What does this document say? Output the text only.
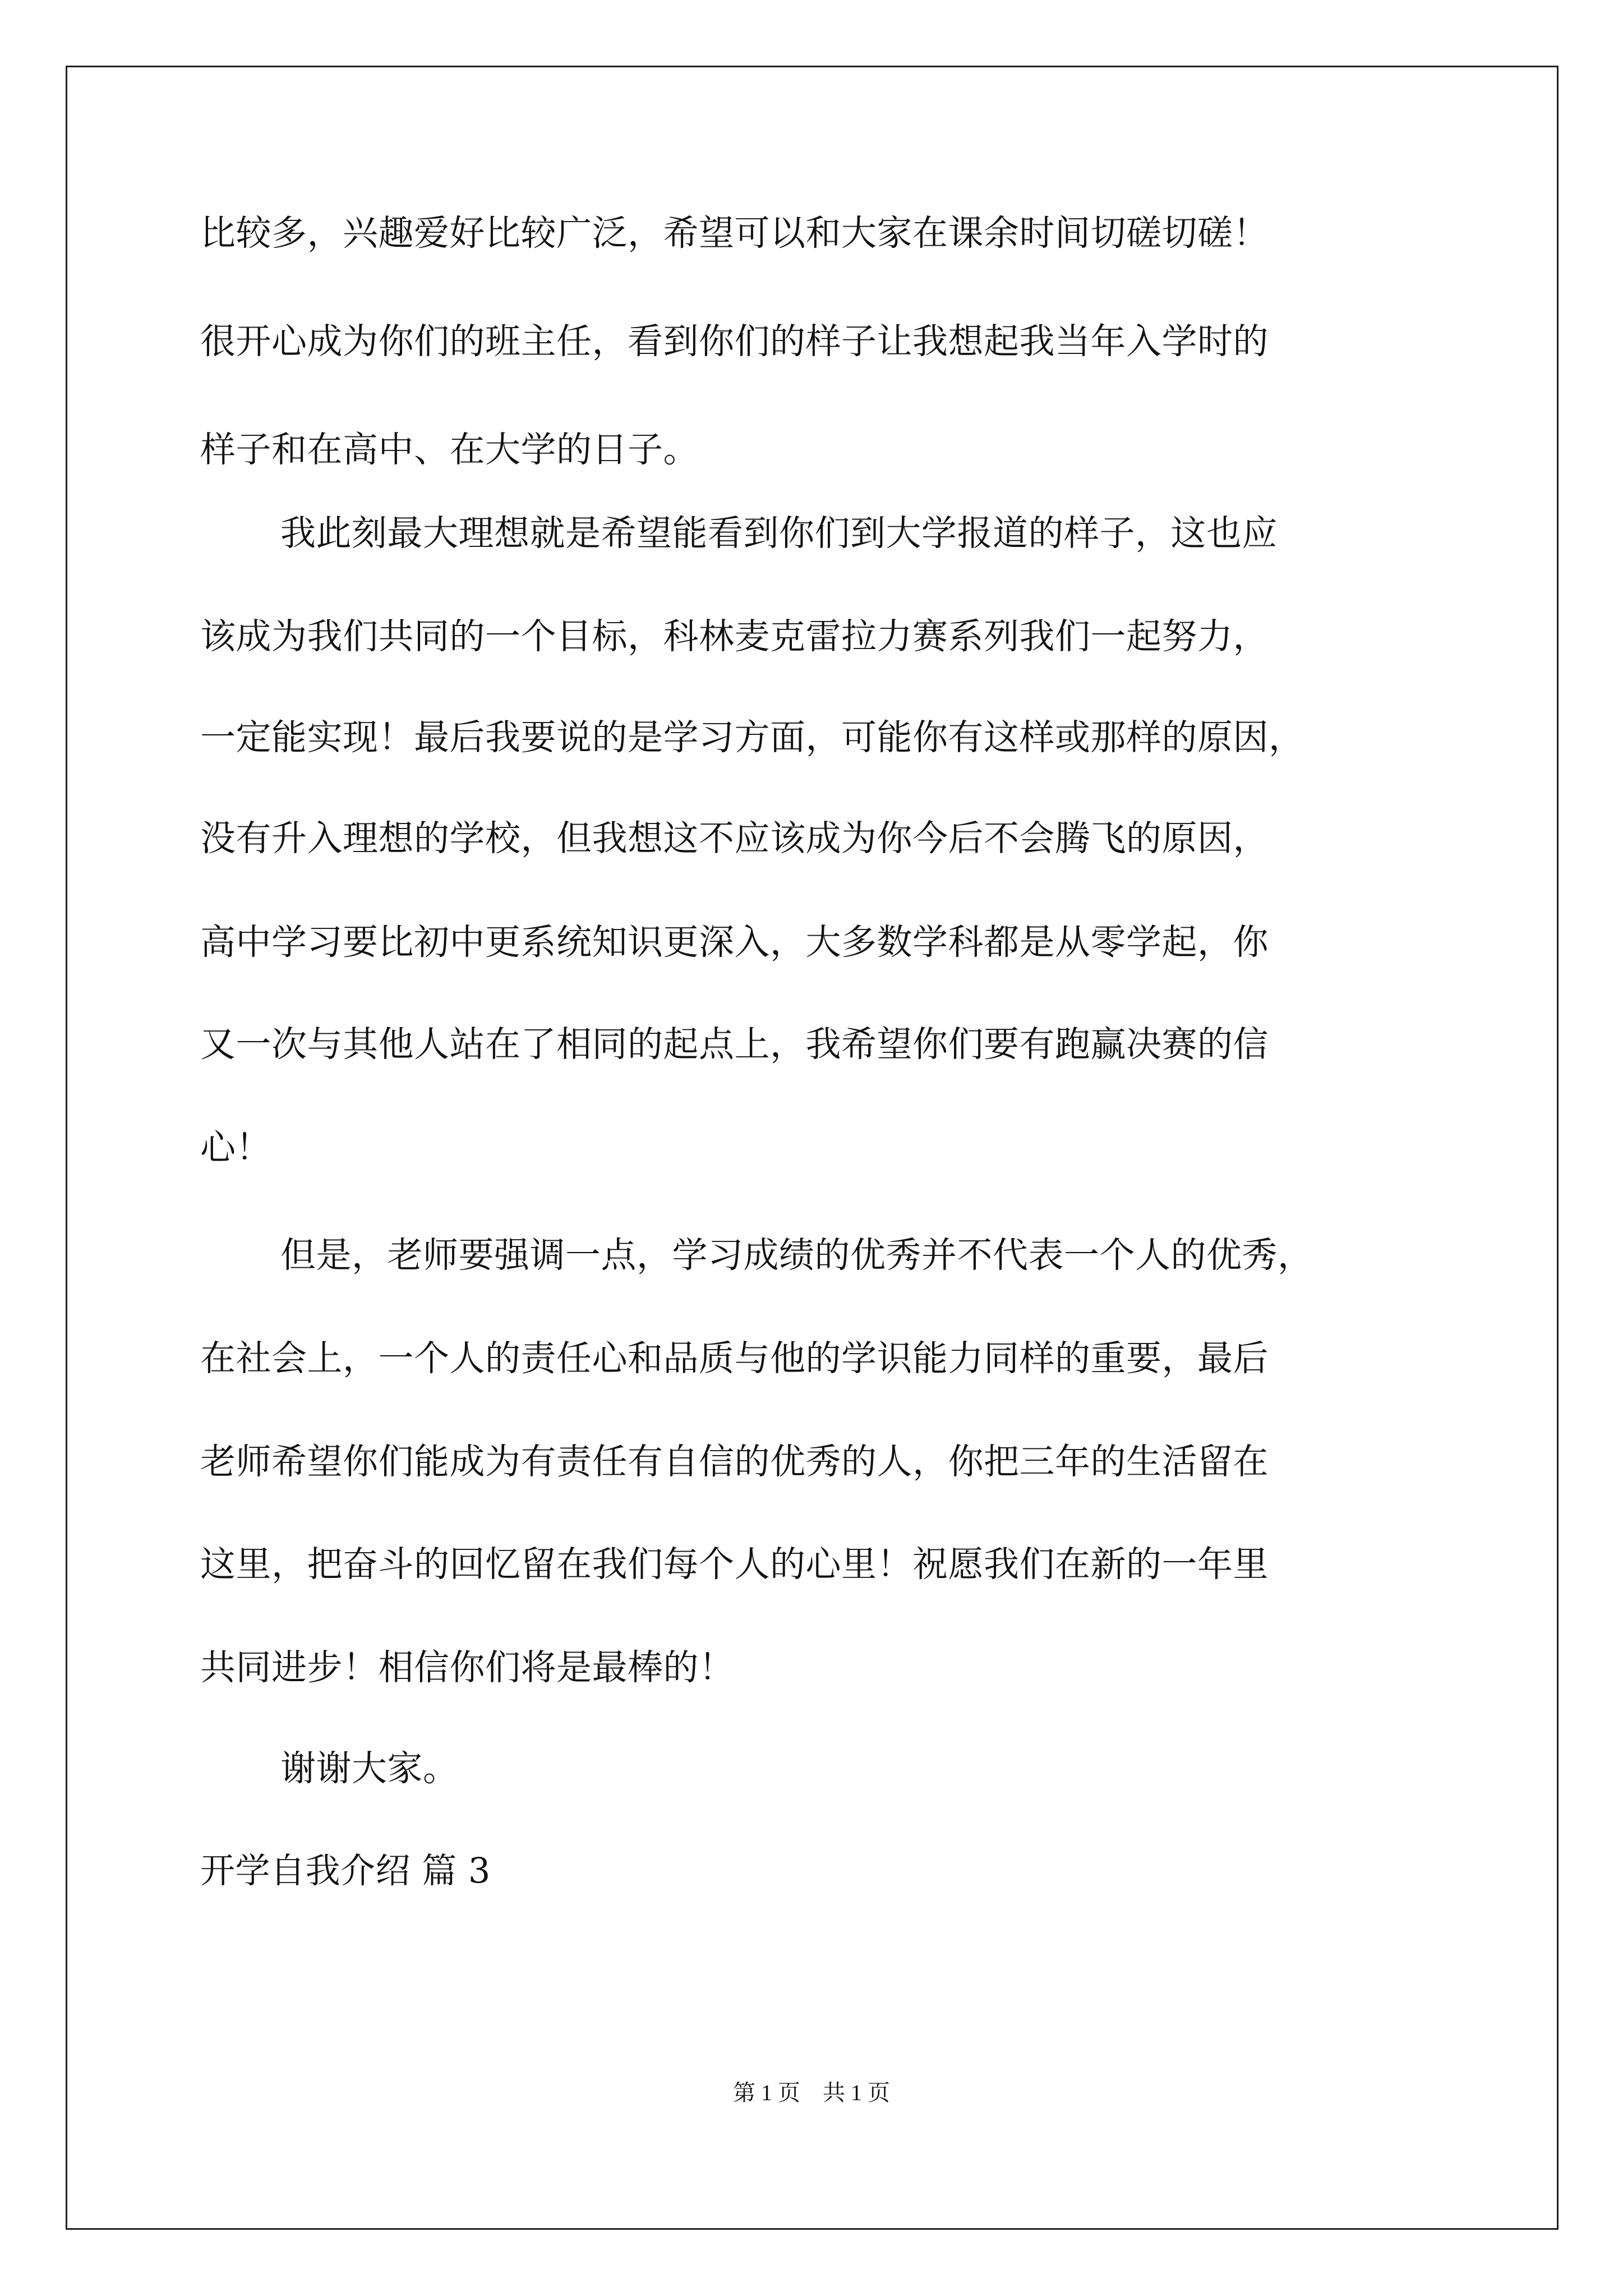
比较多，兴趣爱好比较广泛，希望可以和大家在课余时间切磋切磋！
很开心成为你们的班主任，看到你们的样子让我想起我当年入学时的
样子和在高中、在大学的日子。
我此刻最大理想就是希望能看到你们到大学报道的样子，这也应
该成为我们共同的一个目标，科林麦克雷拉力赛系列我们一起努力，
一定能实现！最后我要说的是学习方面，可能你有这样或那样的原因，
没有升入理想的学校，但我想这不应该成为你今后不会腾飞的原因，
高中学习要比初中更系统知识更深入，大多数学科都是从零学起，你
又一次与其他人站在了相同的起点上，我希望你们要有跑赢决赛的信
心！
但是，老师要强调一点，学习成绩的优秀并不代表一个人的优秀，
在社会上，一个人的责任心和品质与他的学识能力同样的重要，最后
老师希望你们能成为有责任有自信的优秀的人，你把三年的生活留在
这里，把奋斗的回忆留在我们每个人的心里！祝愿我们在新的一年里
共同进步！相信你们将是最棒的！
谢谢大家。
开学自我介绍 篇 3
第 1 页    共 1 页
